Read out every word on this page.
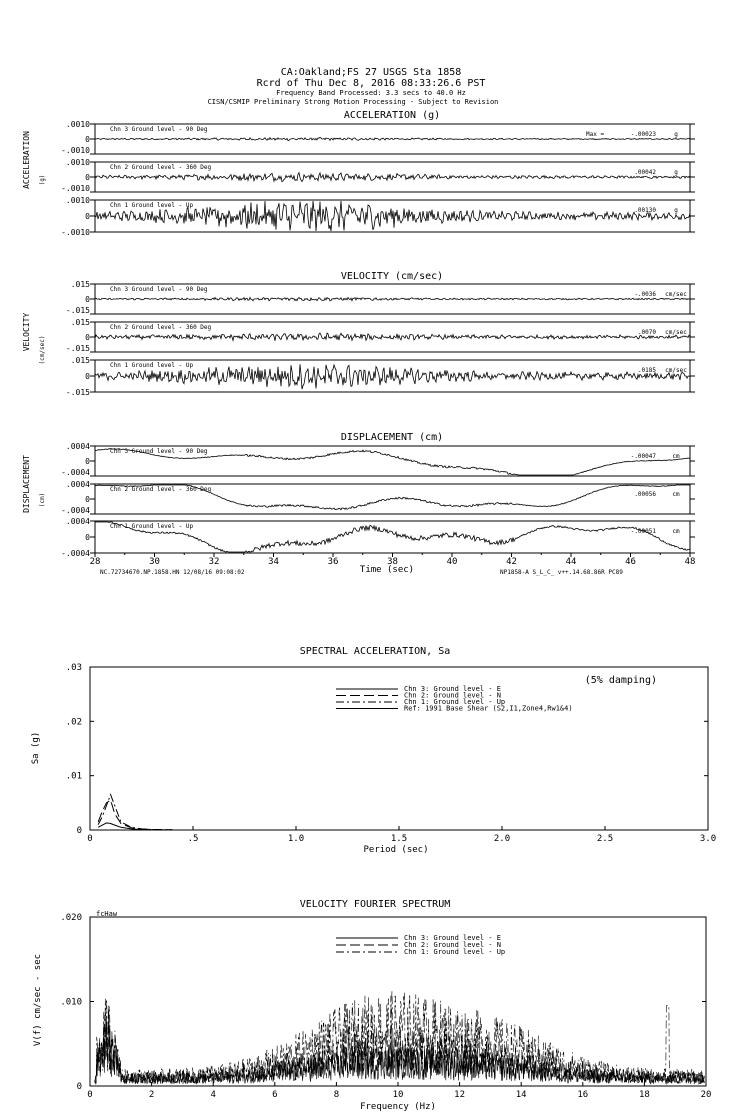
CA:Oakland;FS 27 USGS Sta 1858
Rcrd of Thu Dec 8, 2016 08:33:26.6 PST
Frequency Band Processed: 3.3 secs to 40.0 Hz
CISN/CSMIP Preliminary Strong Motion Processing - Subject to Revision
ACCELERATION (g)
ACCELERATION (g)
.0010
0
-.0010
Chn 3 Ground level - 90 Deg
Max =	-.00023	g
.0010
0
-.0010
Chn 2 Ground level - 360 Deg
.00042	g
.0010
0
-.0010
Chn 1 Ground level - Up
.00130	g
VELOCITY (cm/sec)
VELOCITY (cm/sec)
.015
0
-.015
Chn 3 Ground level - 90 Deg
-.0036 cm/sec
.015
0
-.015
Chn 2 Ground level - 360 Deg
.0070 cm/sec
.015
0
-.015
Chn 1 Ground level - Up
.0185 cm/sec
DISPLACEMENT (cm)
DISPLACEMENT (cm)
.0004
0
-.0004
Chn 3 Ground level - 90 Deg
-.00047	cm
.0004
0
-.0004
Chn 2 Ground level - 360 Deg
.00056	cm
.0004
0
-.0004
Chn 1 Ground level - Up
-.00051	cm
28	30	32	34	36	38	40	42	44	46	48
Time (sec)
NC.72734670.NP.1858.HN 12/08/16 09:08:02	NP1858-A S_L_C_ v++.14.68.86R PC89
SPECTRAL ACCELERATION, Sa
0	.5	1.0	1.5	2.0	2.5	3.0
0
.01
.02
.03
Period (sec)
Sa (g)
(5% damping)
Chn 3: Ground level - E
Chn 2: Ground level - N
Chn 1: Ground level - Up
Ref: 1991 Base Shear (S2,I1,Zone4,Rw1&4)
VELOCITY FOURIER SPECTRUM
0	2	4	6	8	10	12	14	16	18	20
0
.010
.020
Frequency (Hz)
V(f) cm/sec - sec
fcHaw
Chn 3: Ground level - E
Chn 2: Ground level - N
Chn 1: Ground level - Up
